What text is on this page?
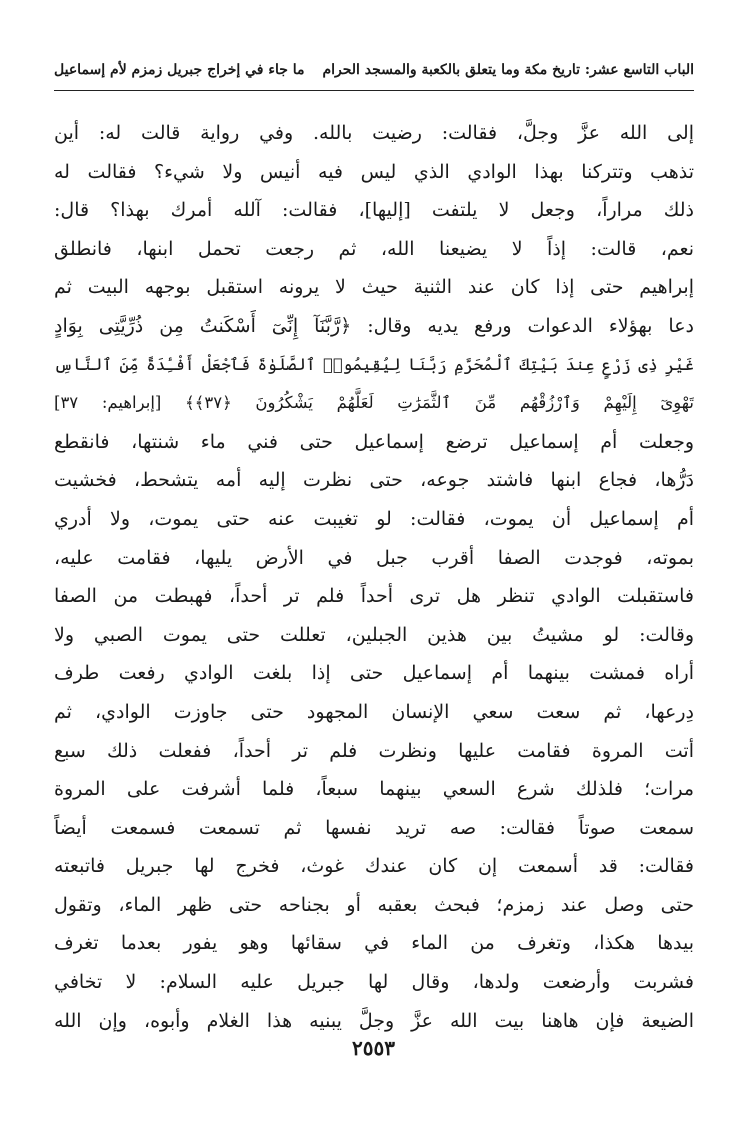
الباب التاسع عشر: تاريخ مكة وما يتعلق بالكعبة والمسجد الحرام
ما جاء في إخراج جبريل زمزم لأم إسماعيل
إلى الله عزَّ وجلَّ، فقالت: رضيت بالله. وفي رواية قالت له: أين
تذهب وتتركنا بهذا الوادي الذي ليس فيه أنيس ولا شيء؟ فقالت له
ذلك مراراً، وجعل لا يلتفت [إليها]، فقالت: آلله أمرك بهذا؟ قال:
نعم، قالت: إذاً لا يضيعنا الله، ثم رجعت تحمل ابنها، فانطلق
إبراهيم حتى إذا كان عند الثنية حيث لا يرونه استقبل بوجهه البيت ثم
دعا بهؤلاء الدعوات ورفع يديه وقال: ﴿رَّبَّنَآ إِنِّىٓ أَسْكَنتُ مِن ذُرِّيَّتِى بِوَادٍ
غَيْرِ ذِى زَرْعٍ عِندَ بَيْتِكَ ٱلْمُحَرَّمِ رَبَّنَا لِيُقِيمُوا۟ ٱلصَّلَوٰةَ فَٱجْعَلْ أَفْـِٔدَةً مِّنَ ٱلنَّاسِ
تَهْوِىٓ إِلَيْهِمْ وَٱرْزُقْهُم مِّنَ ٱلثَّمَرَٰتِ لَعَلَّهُمْ يَشْكُرُونَ ﴿٣٧﴾﴾ [إبراهيم: ٣٧]
وجعلت أم إسماعيل ترضع إسماعيل حتى فني ماء شنتها، فانقطع
دَرُّها، فجاع ابنها فاشتد جوعه، حتى نظرت إليه أمه يتشحط، فخشيت
أم إسماعيل أن يموت، فقالت: لو تغيبت عنه حتى يموت، ولا أدري
بموته، فوجدت الصفا أقرب جبل في الأرض يليها، فقامت عليه،
فاستقبلت الوادي تنظر هل ترى أحداً فلم تر أحداً، فهبطت من الصفا
وقالت: لو مشيتُ بين هذين الجبلين، تعللت حتى يموت الصبي ولا
أراه فمشت بينهما أم إسماعيل حتى إذا بلغت الوادي رفعت طرف
دِرعها، ثم سعت سعي الإنسان المجهود حتى جاوزت الوادي، ثم
أتت المروة فقامت عليها ونظرت فلم تر أحداً، ففعلت ذلك سبع
مرات؛ فلذلك شرع السعي بينهما سبعاً، فلما أشرفت على المروة
سمعت صوتاً فقالت: صه تريد نفسها ثم تسمعت فسمعت أيضاً
فقالت: قد أسمعت إن كان عندك غوث، فخرج لها جبريل فاتبعته
حتى وصل عند زمزم؛ فبحث بعقبه أو بجناحه حتى ظهر الماء، وتقول
بيدها هكذا، وتغرف من الماء في سقائها وهو يفور بعدما تغرف
فشربت وأرضعت ولدها، وقال لها جبريل عليه السلام: لا تخافي
الضيعة فإن هاهنا بيت الله عزَّ وجلَّ يبنيه هذا الغلام وأبوه، وإن الله
٢٥٥٣
